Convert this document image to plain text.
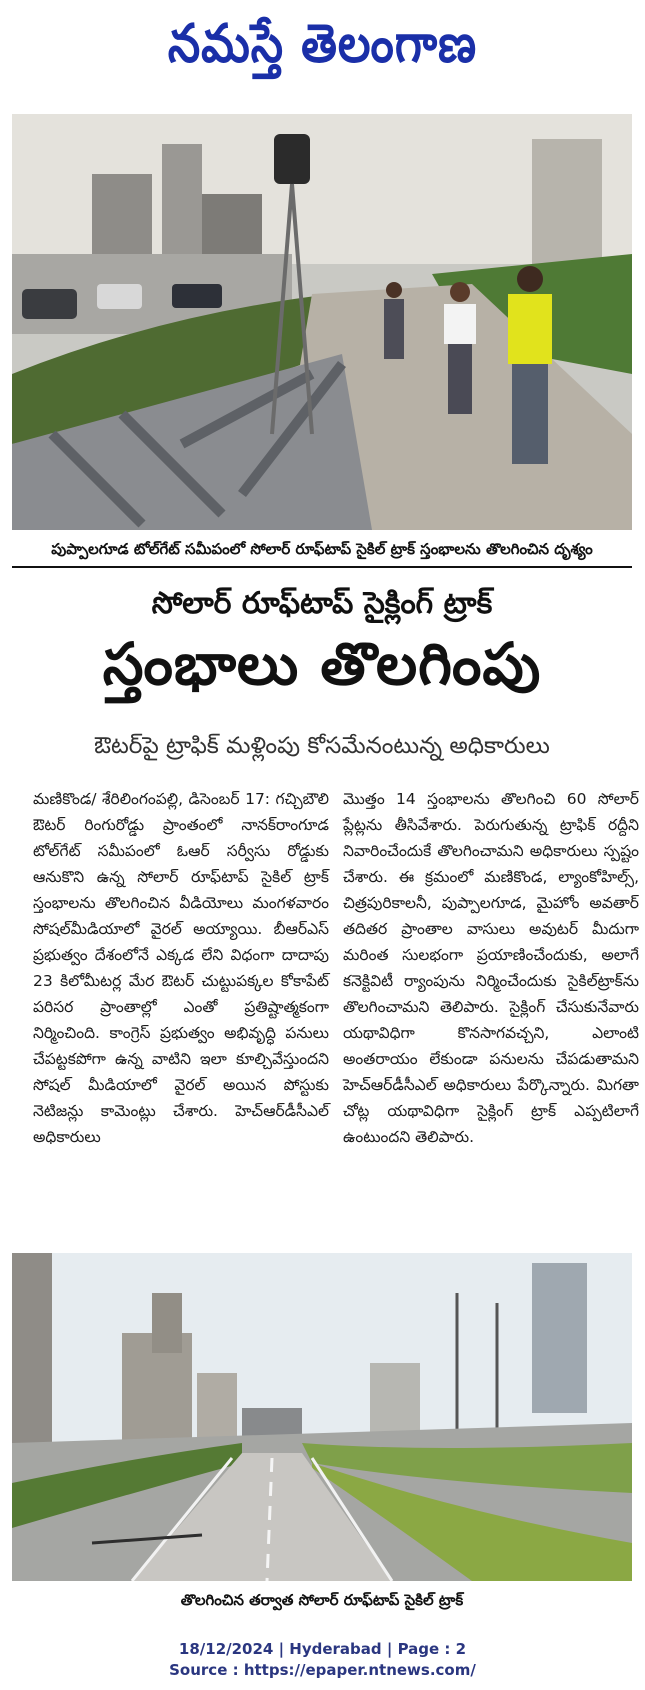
నమస్తే తెలంగాణ
పుప్పాలగూడ టోల్‌గేట్ సమీపంలో సోలార్ రూఫ్‌టాప్ సైకిల్ ట్రాక్ స్తంభాలను తొలగించిన దృశ్యం
సోలార్ రూఫ్‌టాప్ సైక్లింగ్ ట్రాక్
స్తంభాలు తొలగింపు
ఔటర్‌పై ట్రాఫిక్ మళ్లింపు కోసమేనంటున్న అధికారులు

మణికొండ/ శేరిలింగంపల్లి, డిసెంబర్ 17: గచ్చిబౌలి ఔటర్ రింగురోడ్డు ప్రాంతంలో నానక్‌రాంగూడ టోల్‌గేట్ సమీపంలో ఓఆర్ సర్వీసు రోడ్డుకు ఆనుకొని ఉన్న సోలార్ రూఫ్‌టాప్ సైకిల్ ట్రాక్ స్తంభాలను తొలగించిన వీడియోలు మంగళవారం సోషల్‌మీడియాలో వైరల్ అయ్యాయి. బీఆర్‌ఎస్ ప్రభుత్వం దేశంలోనే ఎక్కడ లేని విధంగా దాదాపు 23 కిలోమీటర్ల మేర ఔటర్ చుట్టుపక్కల కోకాపేట్ పరిసర ప్రాంతాల్లో ఎంతో ప్రతిష్టాత్మకంగా నిర్మించింది. కాంగ్రెస్ ప్రభుత్వం అభివృద్ధి పనులు చేపట్టకపోగా ఉన్న వాటిని ఇలా కూల్చివేస్తుందని సోషల్ మీడియాలో వైరల్ అయిన పోస్టుకు నెటిజన్లు కామెంట్లు చేశారు. హెచ్‌ఆర్‌డీసీఎల్ అధికారులు

మొత్తం 14 స్తంభాలను తొలగించి 60 సోలార్ ప్లేట్లను తీసివేశారు. పెరుగుతున్న ట్రాఫిక్ రద్దీని నివారించేందుకే తొలగించామని అధికారులు స్పష్టం చేశారు. ఈ క్రమంలో మణికొండ, ల్యాంకోహిల్స్, చిత్రపురికాలనీ, పుప్పాలగూడ, మైహోం అవతార్ తదితర ప్రాంతాల వాసులు అవుటర్ మీదుగా మరింత సులభంగా ప్రయాణించేందుకు, అలాగే కనెక్టివిటీ ర్యాంపును నిర్మించేందుకు సైకిల్‌ట్రాక్‌ను తొలగించామని తెలిపారు. సైక్లింగ్ చేసుకునేవారు యథావిధిగా కొనసాగవచ్చని, ఎలాంటి అంతరాయం లేకుండా పనులను చేపడుతామని హెచ్‌ఆర్‌డీసీఎల్ అధికారులు పేర్కొన్నారు. మిగతా చోట్ల యథావిధిగా సైక్లింగ్ ట్రాక్ ఎప్పటిలాగే ఉంటుందని తెలిపారు.

తొలగించిన తర్వాత సోలార్ రూఫ్‌టాప్ సైకిల్ ట్రాక్
18/12/2024 | Hyderabad | Page : 2
Source : https://epaper.ntnews.com/
